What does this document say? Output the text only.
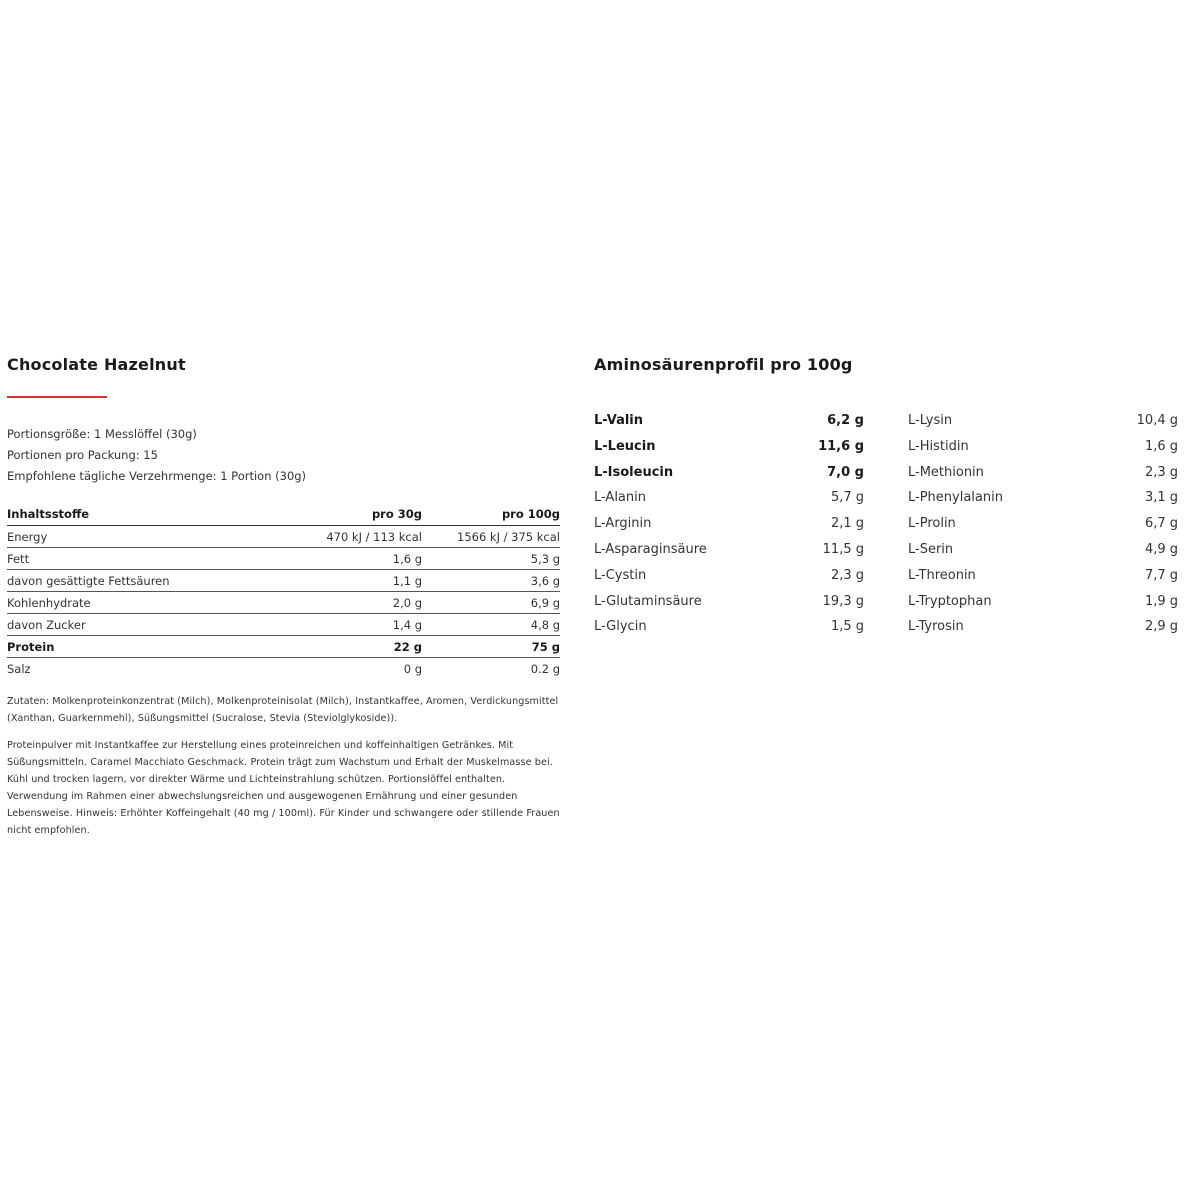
Chocolate Hazelnut
Portionsgröße: 1 Messlöffel (30g)
Portionen pro Packung: 15
Empfohlene tägliche Verzehrmenge: 1 Portion (30g)
Inhaltsstoffe	pro 30g	pro 100g
Energy	470 kJ / 113 kcal	1566 kJ / 375 kcal
Fett	1,6 g	5,3 g
davon gesättigte Fettsäuren	1,1 g	3,6 g
Kohlenhydrate	2,0 g	6,9 g
davon Zucker	1,4 g	4,8 g
Protein	22 g	75 g
Salz	0 g	0.2 g

Zutaten: Molkenproteinkonzentrat (Milch), Molkenproteinisolat (Milch), Instantkaffee, Aromen, Verdickungsmittel (Xanthan, Guarkernmehl), Süßungsmittel (Sucralose, Stevia (Steviolglykoside)).

Proteinpulver mit Instantkaffee zur Herstellung eines proteinreichen und koffeinhaltigen Getränkes. Mit Süßungsmitteln. Caramel Macchiato Geschmack. Protein trägt zum Wachstum und Erhalt der Muskelmasse bei. Kühl und trocken lagern, vor direkter Wärme und Lichteinstrahlung schützen. Portionslöffel enthalten. Verwendung im Rahmen einer abwechslungsreichen und ausgewogenen Ernährung und einer gesunden Lebensweise. Hinweis: Erhöhter Koffeingehalt (40 mg / 100ml). Für Kinder und schwangere oder stillende Frauen nicht empfohlen.

Aminosäurenprofil pro 100g
L-Valin	6,2 g
L-Leucin	11,6 g
L-Isoleucin	7,0 g
L-Alanin	5,7 g
L-Arginin	2,1 g
L-Asparaginsäure	11,5 g
L-Cystin	2,3 g
L-Glutaminsäure	19,3 g
L-Glycin	1,5 g
L-Lysin	10,4 g
L-Histidin	1,6 g
L-Methionin	2,3 g
L-Phenylalanin	3,1 g
L-Prolin	6,7 g
L-Serin	4,9 g
L-Threonin	7,7 g
L-Tryptophan	1,9 g
L-Tyrosin	2,9 g
